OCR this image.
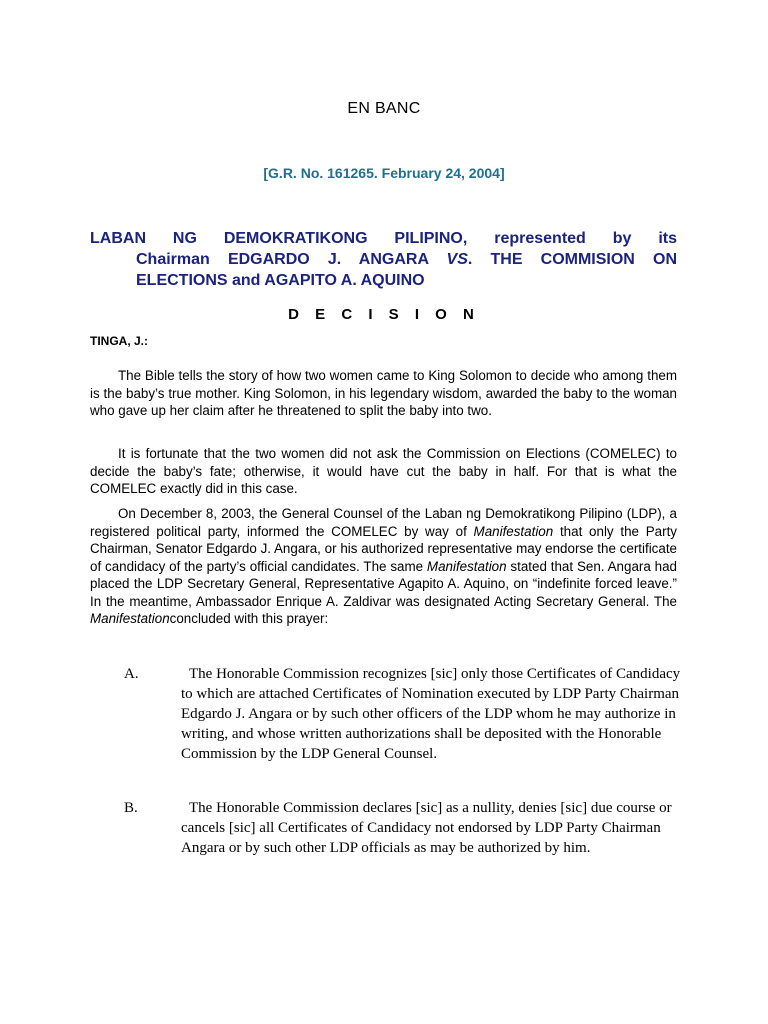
EN BANC
[G.R. No. 161265. February 24, 2004]
LABAN NG DEMOKRATIKONG PILIPINO, represented by its
Chairman EDGARDO J. ANGARA VS. THE COMMISION ON
ELECTIONS and AGAPITO A. AQUINO
D E C I S I O N
TINGA, J.:

The Bible tells the story of how two women came to King Solomon to decide who among them is the baby’s true mother. King Solomon, in his legendary wisdom, awarded the baby to the woman who gave up her claim after he threatened to split the baby into two.

It is fortunate that the two women did not ask the Commission on Elections (COMELEC) to decide the baby’s fate; otherwise, it would have cut the baby in half. For that is what the COMELEC exactly did in this case.

On December 8, 2003, the General Counsel of the Laban ng Demokratikong Pilipino (LDP), a registered political party, informed the COMELEC by way of Manifestation that only the Party Chairman, Senator Edgardo J. Angara, or his authorized representative may endorse the certificate of candidacy of the party’s official candidates. The same Manifestation stated that Sen. Angara had placed the LDP Secretary General, Representative Agapito A. Aquino, on “indefinite forced leave.” In the meantime, Ambassador Enrique A. Zaldivar was designated Acting Secretary General. The Manifestationconcluded with this prayer:

A.	The Honorable Commission recognizes [sic] only those Certificates of Candidacy to which are attached Certificates of Nomination executed by LDP Party Chairman Edgardo J. Angara or by such other officers of the LDP whom he may authorize in writing, and whose written authorizations shall be deposited with the Honorable Commission by the LDP General Counsel.
B.	The Honorable Commission declares [sic] as a nullity, denies [sic] due course or cancels [sic] all Certificates of Candidacy not endorsed by LDP Party Chairman Angara or by such other LDP officials as may be authorized by him.
